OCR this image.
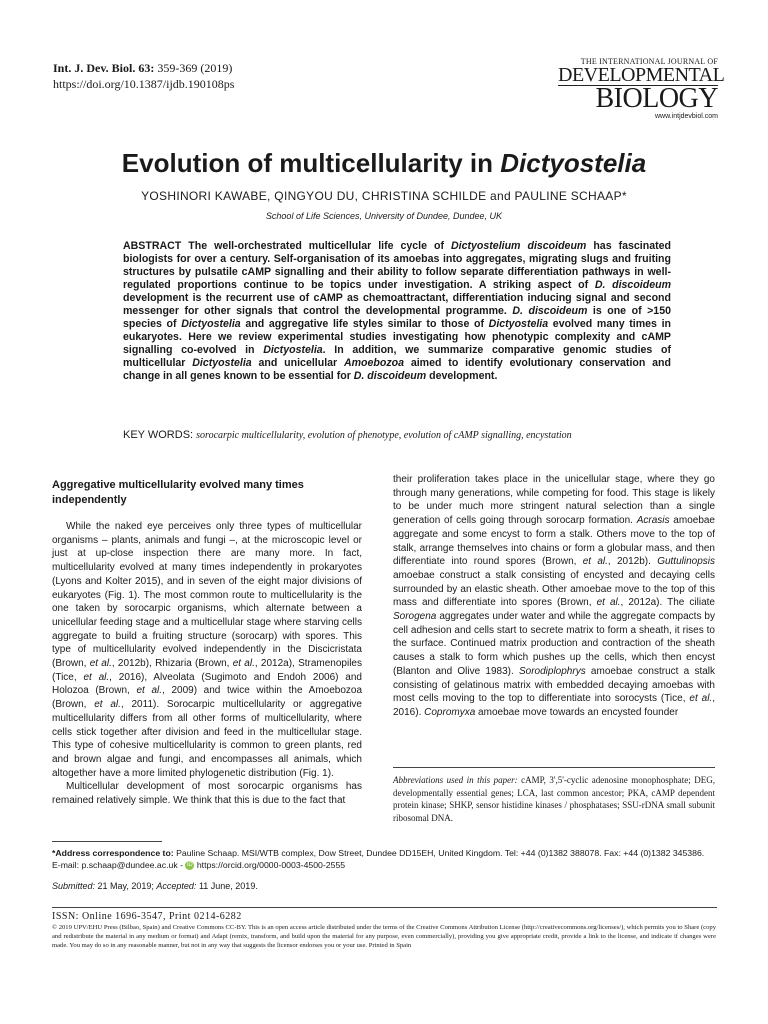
Int. J. Dev. Biol. 63: 359-369 (2019)
https://doi.org/10.1387/ijdb.190108ps
THE INTERNATIONAL JOURNAL OF
DEVELOPMENTAL
BIOLOGY
www.intjdevbiol.com
Evolution of multicellularity in Dictyostelia
YOSHINORI KAWABE, QINGYOU DU, CHRISTINA SCHILDE and PAULINE SCHAAP*
School of Life Sciences, University of Dundee, Dundee, UK
ABSTRACT The well-orchestrated multicellular life cycle of Dictyostelium discoideum has fascinated biologists for over a century. Self-organisation of its amoebas into aggregates, migrating slugs and fruiting structures by pulsatile cAMP signalling and their ability to follow separate differentiation pathways in well-regulated proportions continue to be topics under investigation. A striking aspect of D. discoideum development is the recurrent use of cAMP as chemoattractant, differentiation inducing signal and second messenger for other signals that control the developmental programme. D. discoideum is one of >150 species of Dictyostelia and aggregative life styles similar to those of Dictyostelia evolved many times in eukaryotes. Here we review experimental studies investigating how phenotypic complexity and cAMP signalling co-evolved in Dictyostelia. In addition, we summarize comparative genomic studies of multicellular Dictyostelia and unicellular Amoebozoa aimed to identify evolutionary conservation and change in all genes known to be essential for D. discoideum development.
KEY WORDS: sorocarpic multicellularity, evolution of phenotype, evolution of cAMP signalling, encystation
Aggregative multicellularity evolved many times independently

While the naked eye perceives only three types of multicellular organisms – plants, animals and fungi –, at the microscopic level or just at up-close inspection there are many more. In fact, multicellularity evolved at many times independently in prokaryotes (Lyons and Kolter 2015), and in seven of the eight major divisions of eukaryotes (Fig. 1). The most common route to multicellularity is the one taken by sorocarpic organisms, which alternate between a unicellular feeding stage and a multicellular stage where starving cells aggregate to build a fruiting structure (sorocarp) with spores. This type of multicellularity evolved independently in the Discicristata (Brown, et al., 2012b), Rhizaria (Brown, et al., 2012a), Stramenopiles (Tice, et al., 2016), Alveolata (Sugimoto and Endoh 2006) and Holozoa (Brown, et al., 2009) and twice within the Amoebozoa (Brown, et al., 2011). Sorocarpic multicellularity or aggregative multicellularity differs from all other forms of multicellularity, where cells stick together after division and feed in the multicellular stage. This type of cohesive multicellularity is common to green plants, red and brown algae and fungi, and encompasses all animals, which altogether have a more limited phylogenetic distribution (Fig. 1).

Multicellular development of most sorocarpic organisms has remained relatively simple. We think that this is due to the fact that

their proliferation takes place in the unicellular stage, where they go through many generations, while competing for food. This stage is likely to be under much more stringent natural selection than a single generation of cells going through sorocarp formation. Acrasis amoebae aggregate and some encyst to form a stalk. Others move to the top of stalk, arrange themselves into chains or form a globular mass, and then differentiate into round spores (Brown, et al., 2012b). Guttulinopsis amoebae construct a stalk consisting of encysted and decaying cells surrounded by an elastic sheath. Other amoebae move to the top of this mass and differentiate into spores (Brown, et al., 2012a). The ciliate Sorogena aggregates under water and while the aggregate compacts by cell adhesion and cells start to secrete matrix to form a sheath, it rises to the surface. Continued matrix production and contraction of the sheath causes a stalk to form which pushes up the cells, which then encyst (Blanton and Olive 1983). Sorodiplophrys amoebae construct a stalk consisting of gelatinous matrix with embedded decaying amoebas with most cells moving to the top to differentiate into sorocysts (Tice, et al., 2016). Copromyxa amoebae move towards an encysted founder

Abbreviations used in this paper: cAMP, 3',5'-cyclic adenosine monophosphate; DEG, developmentally essential genes; LCA, last common ancestor; PKA, cAMP dependent protein kinase; SHKP, sensor histidine kinases / phosphatases; SSU-rDNA small subunit ribosomal DNA.
*Address correspondence to: Pauline Schaap. MSI/WTB complex, Dow Street, Dundee DD15EH, United Kingdom. Tel: +44 (0)1382 388078. Fax: +44 (0)1382 345386.
E-mail: p.schaap@dundee.ac.uk - iD https://orcid.org/0000-0003-4500-2555
Submitted: 21 May, 2019; Accepted: 11 June, 2019.
ISSN: Online 1696-3547, Print 0214-6282
© 2019 UPV/EHU Press (Bilbao, Spain) and Creative Commons CC-BY. This is an open access article distributed under the terms of the Creative Commons Attribution License (http://creativecommons.org/licenses/), which permits you to Share (copy and redistribute the material in any medium or format) and Adapt (remix, transform, and build upon the material for any purpose, even commercially), providing you give appropriate credit, provide a link to the license, and indicate if changes were made. You may do so in any reasonable manner, but not in any way that suggests the licensor endorses you or your use. Printed in Spain
